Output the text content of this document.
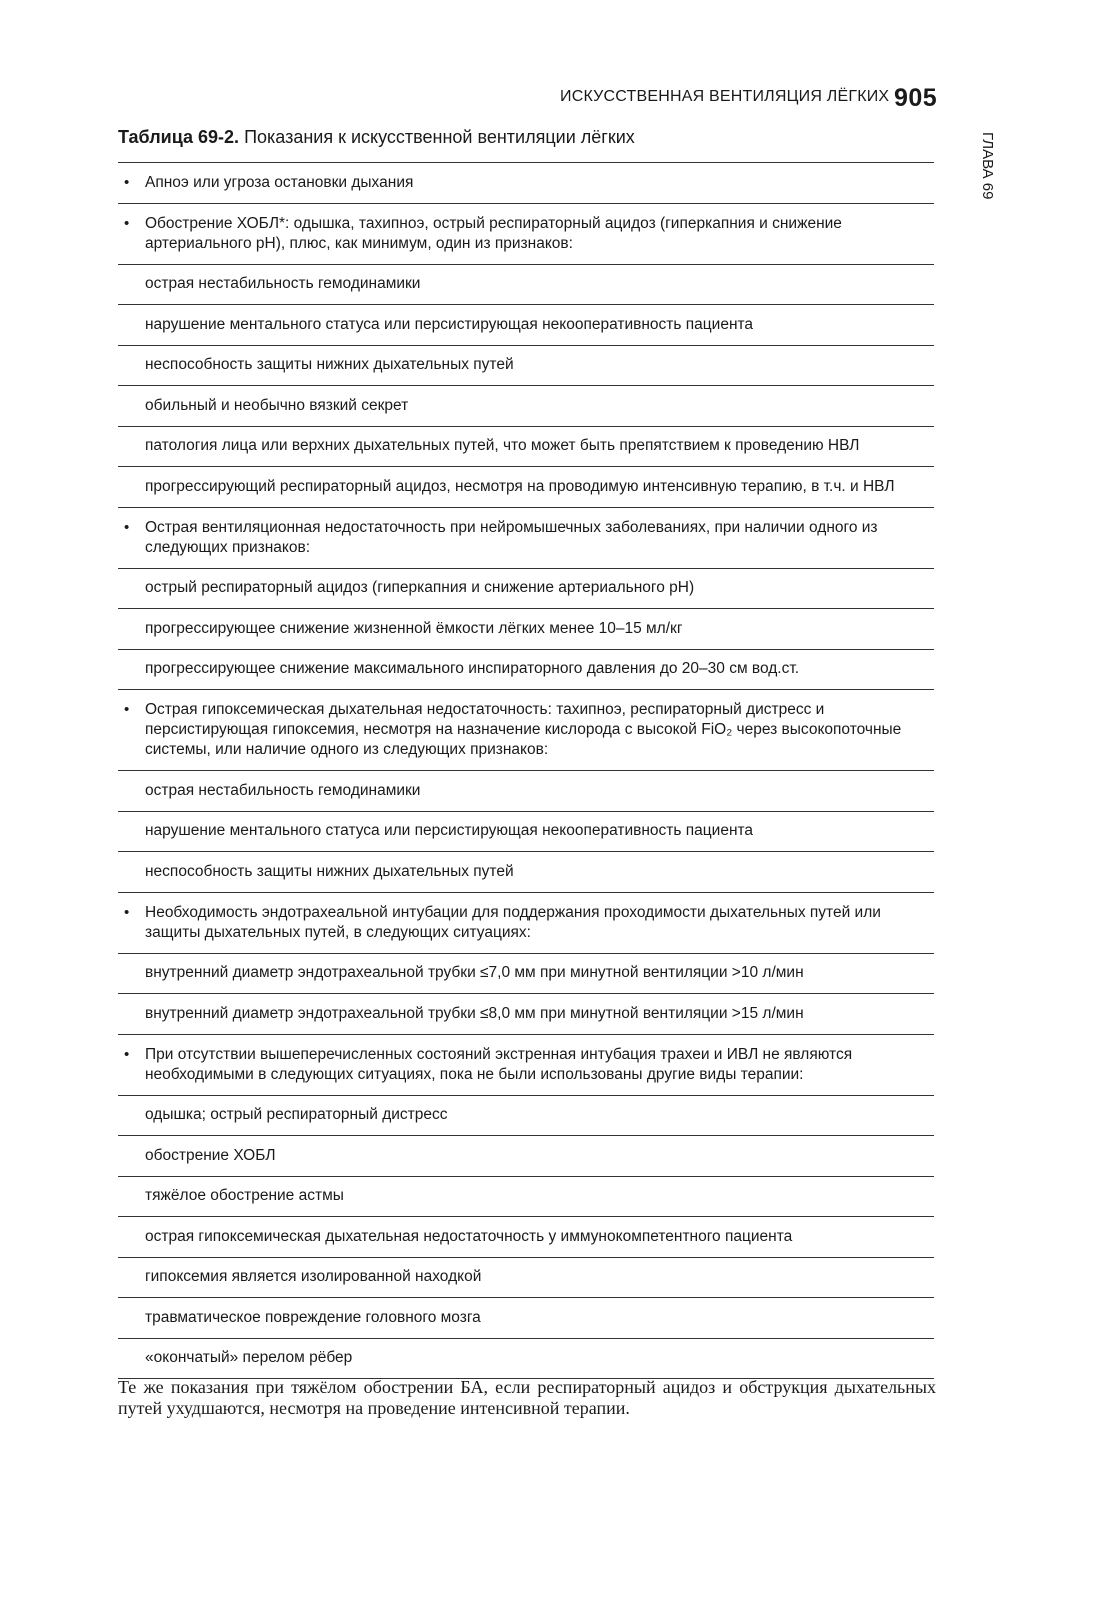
ИСКУССТВЕННАЯ ВЕНТИЛЯЦИЯ ЛЁГКИХ 905
ГЛАВА 69
Таблица 69-2. Показания к искусственной вентиляции лёгких
• Апноэ или угроза остановки дыхания
• Обострение ХОБЛ*: одышка, тахипноэ, острый респираторный ацидоз (гиперкапния и снижение артериального рН), плюс, как минимум, один из признаков:
острая нестабильность гемодинамики
нарушение ментального статуса или персистирующая некооперативность пациента
неспособность защиты нижних дыхательных путей
обильный и необычно вязкий секрет
патология лица или верхних дыхательных путей, что может быть препятствием к проведению НВЛ
прогрессирующий респираторный ацидоз, несмотря на проводимую интенсивную терапию, в т.ч. и НВЛ
• Острая вентиляционная недостаточность при нейромышечных заболеваниях, при наличии одного из следующих признаков:
острый респираторный ацидоз (гиперкапния и снижение артериального рН)
прогрессирующее снижение жизненной ёмкости лёгких менее 10–15 мл/кг
прогрессирующее снижение максимального инспираторного давления до 20–30 см вод.ст.
• Острая гипоксемическая дыхательная недостаточность: тахипноэ, респираторный дистресс и персистирующая гипоксемия, несмотря на назначение кислорода с высокой FiO₂ через высокопоточные системы, или наличие одного из следующих признаков:
острая нестабильность гемодинамики
нарушение ментального статуса или персистирующая некооперативность пациента
неспособность защиты нижних дыхательных путей
• Необходимость эндотрахеальной интубации для поддержания проходимости дыхательных путей или защиты дыхательных путей, в следующих ситуациях:
внутренний диаметр эндотрахеальной трубки ≤7,0 мм при минутной вентиляции >10 л/мин
внутренний диаметр эндотрахеальной трубки ≤8,0 мм при минутной вентиляции >15 л/мин
• При отсутствии вышеперечисленных состояний экстренная интубация трахеи и ИВЛ не являются необходимыми в следующих ситуациях, пока не были использованы другие виды терапии:
одышка; острый респираторный дистресс
обострение ХОБЛ
тяжёлое обострение астмы
острая гипоксемическая дыхательная недостаточность у иммунокомпетентного пациента
гипоксемия является изолированной находкой
травматическое повреждение головного мозга
«окончатый» перелом рёбер
Те же показания при тяжёлом обострении БА, если респираторный ацидоз и обструкция дыхательных путей ухудшаются, несмотря на проведение интенсивной терапии.
